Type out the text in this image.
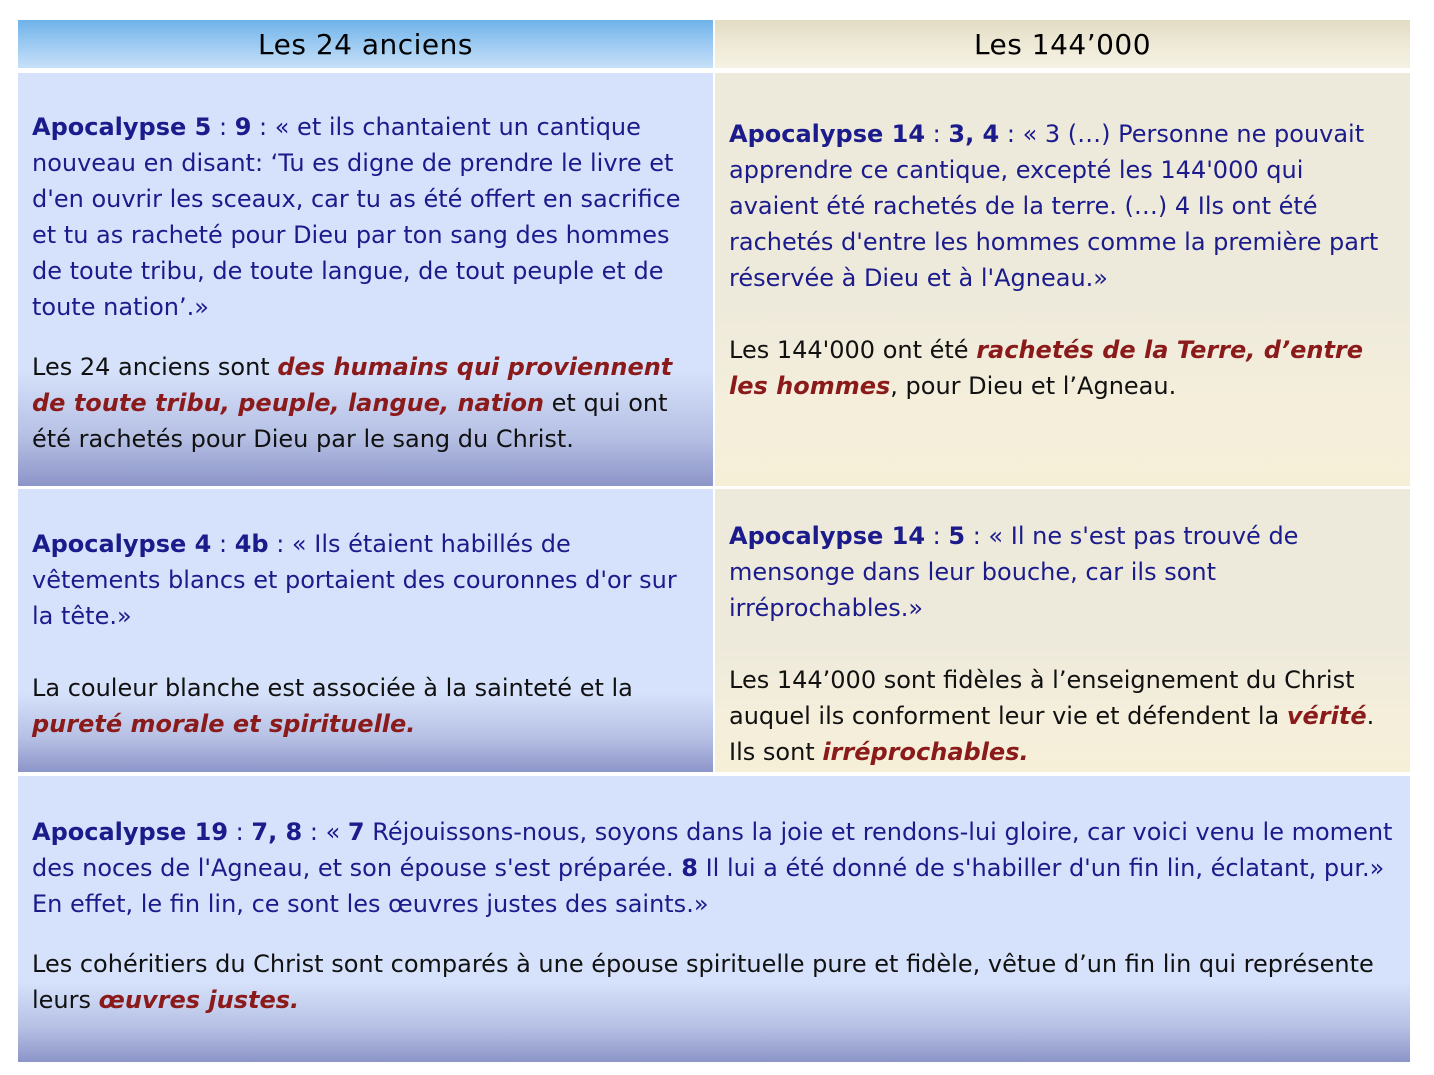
Les 24 anciens	Les 144’000

Apocalypse 5 : 9 : « et ils chantaient un cantique nouveau en disant: ‘Tu es digne de prendre le livre et d'en ouvrir les sceaux, car tu as été offert en sacrifice et tu as racheté pour Dieu par ton sang des hommes de toute tribu, de toute langue, de tout peuple et de toute nation’.»

Les 24 anciens sont des humains qui proviennent de toute tribu, peuple, langue, nation et qui ont été rachetés pour Dieu par le sang du Christ.

Apocalypse 14 : 3, 4 : « 3 (…) Personne ne pouvait apprendre ce cantique, excepté les 144'000 qui avaient été rachetés de la terre. (…) 4 Ils ont été rachetés d'entre les hommes comme la première part réservée à Dieu et à l'Agneau.»

Les 144'000 ont été rachetés de la Terre, d’entre les hommes, pour Dieu et l’Agneau.

Apocalypse 4 : 4b : « Ils étaient habillés de vêtements blancs et portaient des couronnes d'or sur la tête.»

La couleur blanche est associée à la sainteté et la pureté morale et spirituelle.

Apocalypse 14 : 5 : « Il ne s'est pas trouvé de mensonge dans leur bouche, car ils sont irréprochables.»

Les 144’000 sont fidèles à l’enseignement du Christ auquel ils conforment leur vie et défendent la vérité. Ils sont irréprochables.

Apocalypse 19 : 7, 8 : « 7 Réjouissons-nous, soyons dans la joie et rendons-lui gloire, car voici venu le moment des noces de l'Agneau, et son épouse s'est préparée. 8 Il lui a été donné de s'habiller d'un fin lin, éclatant, pur.» En effet, le fin lin, ce sont les œuvres justes des saints.»

Les cohéritiers du Christ sont comparés à une épouse spirituelle pure et fidèle, vêtue d’un fin lin qui représente leurs œuvres justes.
